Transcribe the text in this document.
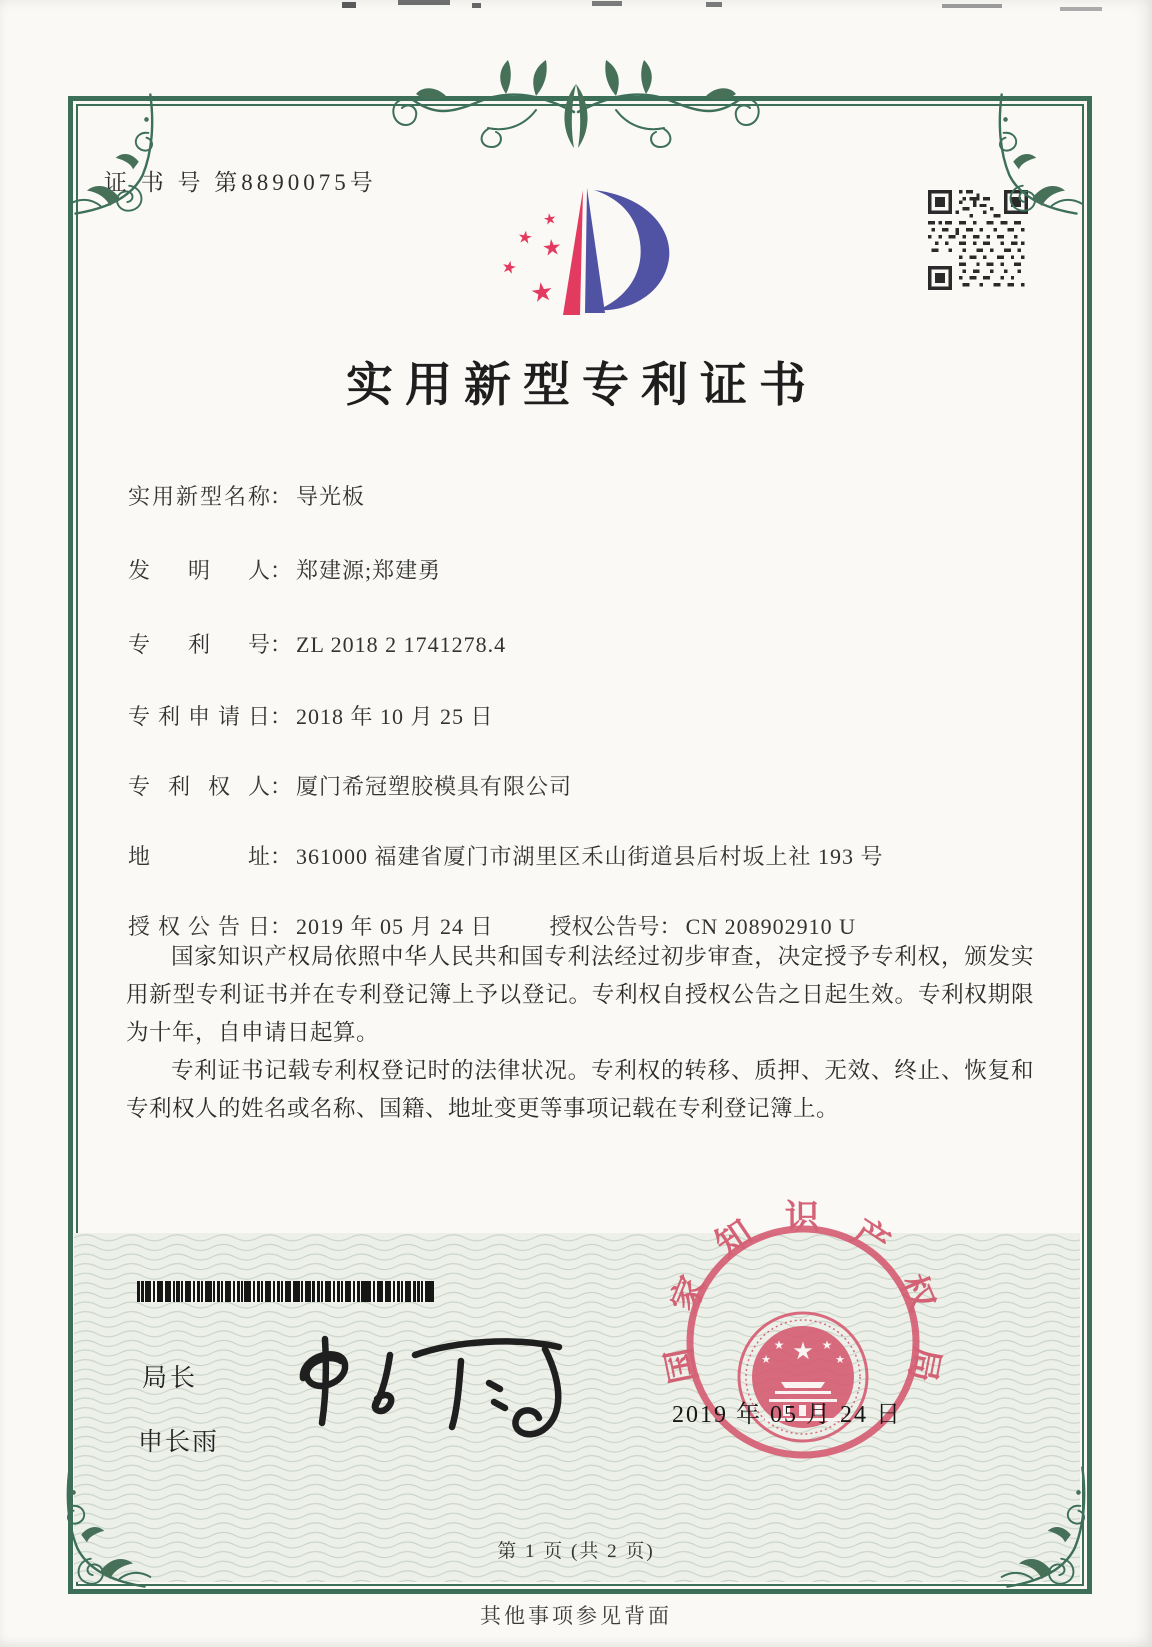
证 书 号 第8890075号
★
★ ★
★
★
实用新型专利证书
实用新型名称： 导光板
发明人： 郑建源;郑建勇
专利号： ZL 2018 2 1741278.4
专利申请日： 2018 年 10 月 25 日
专利权人： 厦门希冠塑胶模具有限公司
地址： 361000 福建省厦门市湖里区禾山街道县后村坂上社 193 号
授权公告日： 2019 年 05 月 24 日	授权公告号： CN 208902910 U

国家知识产权局依照中华人民共和国专利法经过初步审查，决定授予专利权，颁发实用新型专利证书并在专利登记簿上予以登记。专利权自授权公告之日起生效。专利权期限为十年，自申请日起算。

专利证书记载专利权登记时的法律状况。专利权的转移、质押、无效、终止、恢复和专利权人的姓名或名称、国籍、地址变更等事项记载在专利登记簿上。

局长
申长雨
国家知识产权局
★
★	★
★	★
2019 年 05 月 24 日
第 1 页 (共 2 页)
其他事项参见背面
